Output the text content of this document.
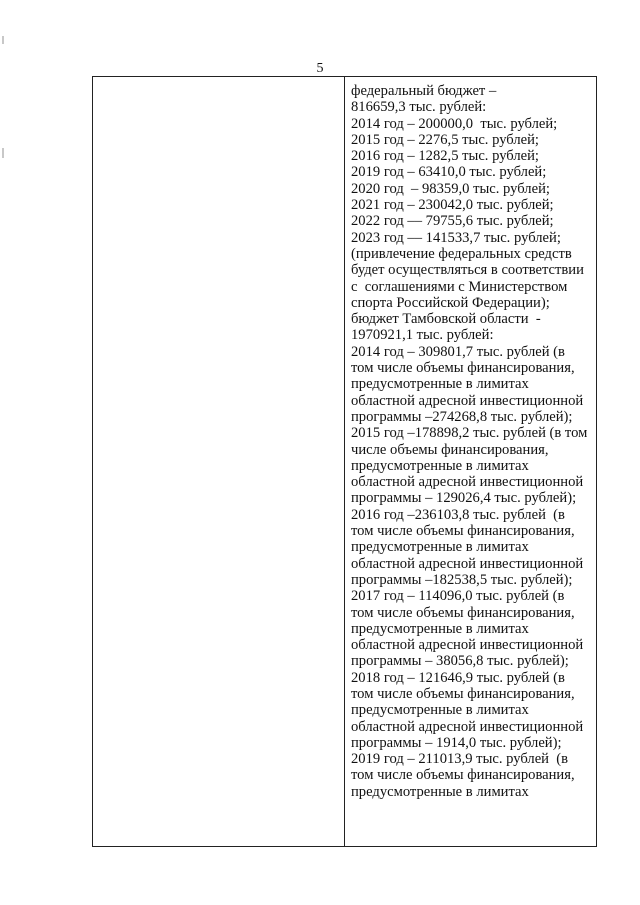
5
федеральный бюджет –
816659,3 тыс. рублей:
2014 год – 200000,0  тыс. рублей;
2015 год – 2276,5 тыс. рублей;
2016 год – 1282,5 тыс. рублей;
2019 год – 63410,0 тыс. рублей;
2020 год  – 98359,0 тыс. рублей;
2021 год – 230042,0 тыс. рублей;
2022 год –– 79755,6 тыс. рублей;
2023 год –– 141533,7 тыс. рублей;
(привлечение федеральных средств
будет осуществляться в соответствии
с  соглашениями с Министерством
спорта Российской Федерации);
бюджет Тамбовской области  -
1970921,1 тыс. рублей:
2014 год – 309801,7 тыс. рублей (в
том числе объемы финансирования,
предусмотренные в лимитах
областной адресной инвестиционной
программы –274268,8 тыс. рублей);
2015 год –178898,2 тыс. рублей (в том
числе объемы финансирования,
предусмотренные в лимитах
областной адресной инвестиционной
программы – 129026,4 тыс. рублей);
2016 год –236103,8 тыс. рублей  (в
том числе объемы финансирования,
предусмотренные в лимитах
областной адресной инвестиционной
программы –182538,5 тыс. рублей);
2017 год – 114096,0 тыс. рублей (в
том числе объемы финансирования,
предусмотренные в лимитах
областной адресной инвестиционной
программы – 38056,8 тыс. рублей);
2018 год – 121646,9 тыс. рублей (в
том числе объемы финансирования,
предусмотренные в лимитах
областной адресной инвестиционной
программы – 1914,0 тыс. рублей);
2019 год – 211013,9 тыс. рублей  (в
том числе объемы финансирования,
предусмотренные в лимитах
